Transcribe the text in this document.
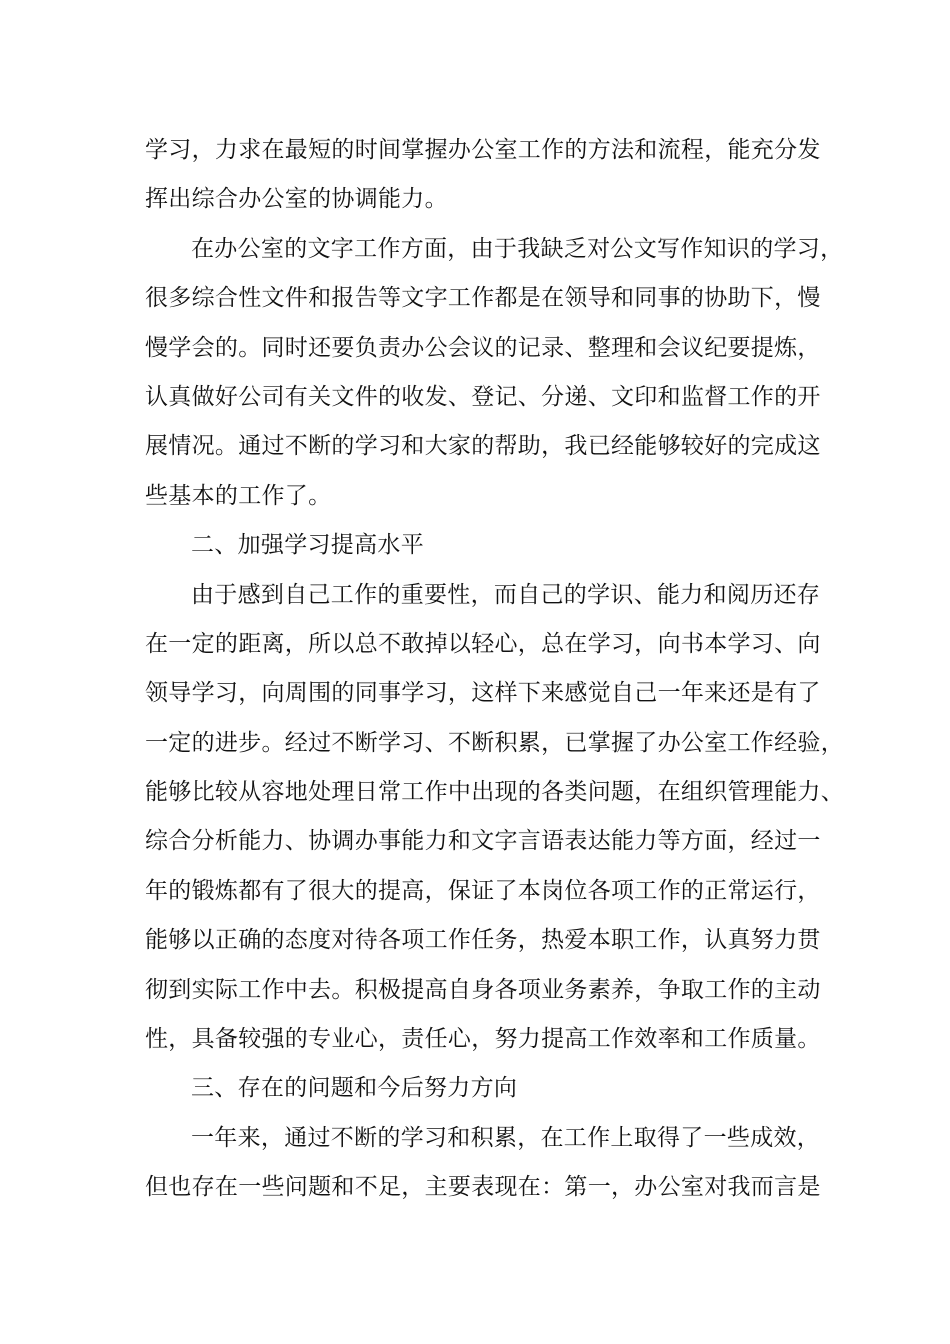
学习，力求在最短的时间掌握办公室工作的方法和流程，能充分发
挥出综合办公室的协调能力。
在办公室的文字工作方面，由于我缺乏对公文写作知识的学习，
很多综合性文件和报告等文字工作都是在领导和同事的协助下，慢
慢学会的。同时还要负责办公会议的记录、整理和会议纪要提炼，
认真做好公司有关文件的收发、登记、分递、文印和监督工作的开
展情况。通过不断的学习和大家的帮助，我已经能够较好的完成这
些基本的工作了。
二、加强学习提高水平
由于感到自己工作的重要性，而自己的学识、能力和阅历还存
在一定的距离，所以总不敢掉以轻心，总在学习，向书本学习、向
领导学习，向周围的同事学习，这样下来感觉自己一年来还是有了
一定的进步。经过不断学习、不断积累，已掌握了办公室工作经验，
能够比较从容地处理日常工作中出现的各类问题，在组织管理能力、
综合分析能力、协调办事能力和文字言语表达能力等方面，经过一
年的锻炼都有了很大的提高，保证了本岗位各项工作的正常运行，
能够以正确的态度对待各项工作任务，热爱本职工作，认真努力贯
彻到实际工作中去。积极提高自身各项业务素养，争取工作的主动
性，具备较强的专业心，责任心，努力提高工作效率和工作质量。
三、存在的问题和今后努力方向
一年来，通过不断的学习和积累，在工作上取得了一些成效，
但也存在一些问题和不足，主要表现在：第一，办公室对我而言是
